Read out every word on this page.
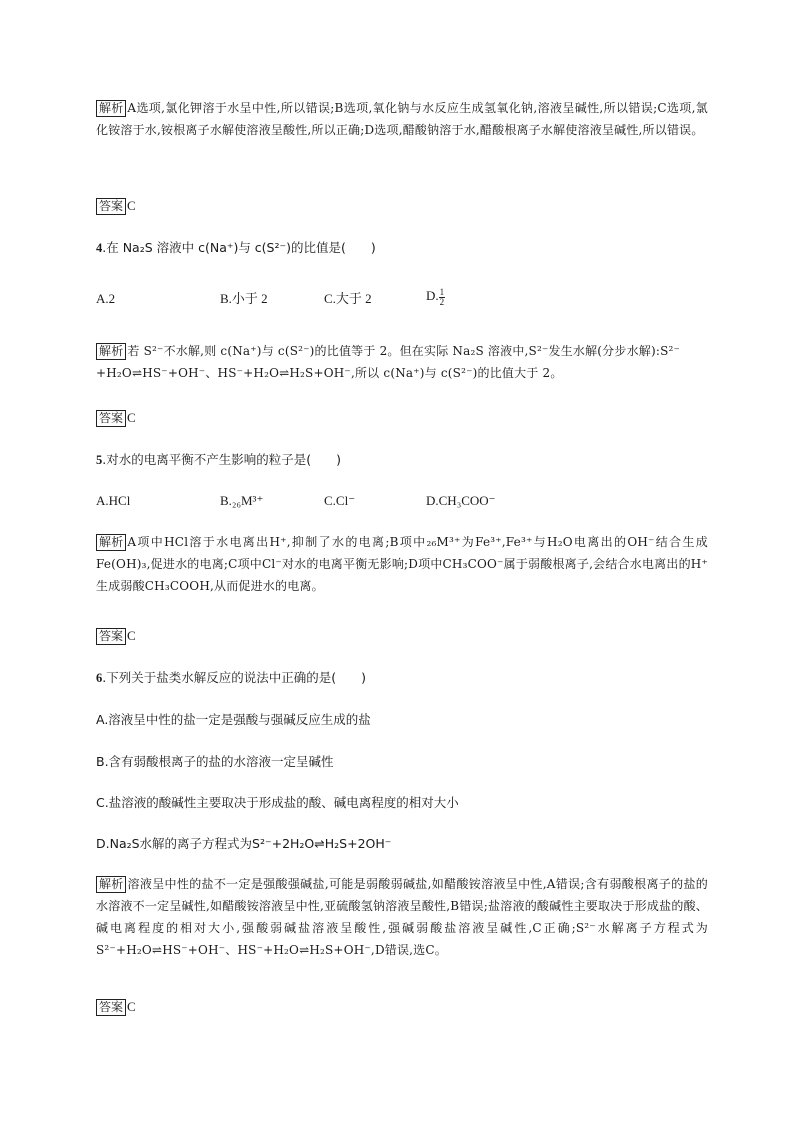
解析 A选项,氯化钾溶于水呈中性,所以错误;B选项,氧化钠与水反应生成氢氧化钠,溶液呈碱性,所以错误;C选项,氯化铵溶于水,铵根离子水解使溶液呈酸性,所以正确;D选项,醋酸钠溶于水,醋酸根离子水解使溶液呈碱性,所以错误。
答案 C
4.在 Na₂S 溶液中 c(Na⁺)与 c(S²⁻)的比值是(　　)
A.2	B.小于 2	C.大于 2	D. $\frac{1}{2}$
解析 若 S²⁻不水解,则 c(Na⁺)与 c(S²⁻)的比值等于 2。但在实际 Na₂S 溶液中,S²⁻发生水解(分步水解):S²⁻
+H₂O⇌HS⁻+OH⁻、HS⁻+H₂O⇌H₂S+OH⁻,所以 c(Na⁺)与 c(S²⁻)的比值大于 2。
答案 C
5.对水的电离平衡不产生影响的粒子是(　　)
A.HCl	B.₂₆M³⁺	C.Cl⁻	D.CH₃COO⁻
解析 A项中HCl溶于水电离出H⁺,抑制了水的电离;B项中₂₆M³⁺为Fe³⁺,Fe³⁺与H₂O电离出的OH⁻结合生成Fe(OH)₃,促进水的电离;C项中Cl⁻对水的电离平衡无影响;D项中CH₃COO⁻属于弱酸根离子,会结合水电离出的H⁺生成弱酸CH₃COOH,从而促进水的电离。
答案 C
6.下列关于盐类水解反应的说法中正确的是(　　)
A.溶液呈中性的盐一定是强酸与强碱反应生成的盐
B.含有弱酸根离子的盐的水溶液一定呈碱性
C.盐溶液的酸碱性主要取决于形成盐的酸、碱电离程度的相对大小
D.Na₂S水解的离子方程式为S²⁻+2H₂O⇌H₂S+2OH⁻
解析 溶液呈中性的盐不一定是强酸强碱盐,可能是弱酸弱碱盐,如醋酸铵溶液呈中性,A错误;含有弱酸根离子的盐的水溶液不一定呈碱性,如醋酸铵溶液呈中性,亚硫酸氢钠溶液呈酸性,B错误;盐溶液的酸碱性主要取决于形成盐的酸、碱电离程度的相对大小,强酸弱碱盐溶液呈酸性,强碱弱酸盐溶液呈碱性,C正确;S²⁻水解离子方程式为S²⁻+H₂O⇌HS⁻+OH⁻、HS⁻+H₂O⇌H₂S+OH⁻,D错误,选C。
答案 C
